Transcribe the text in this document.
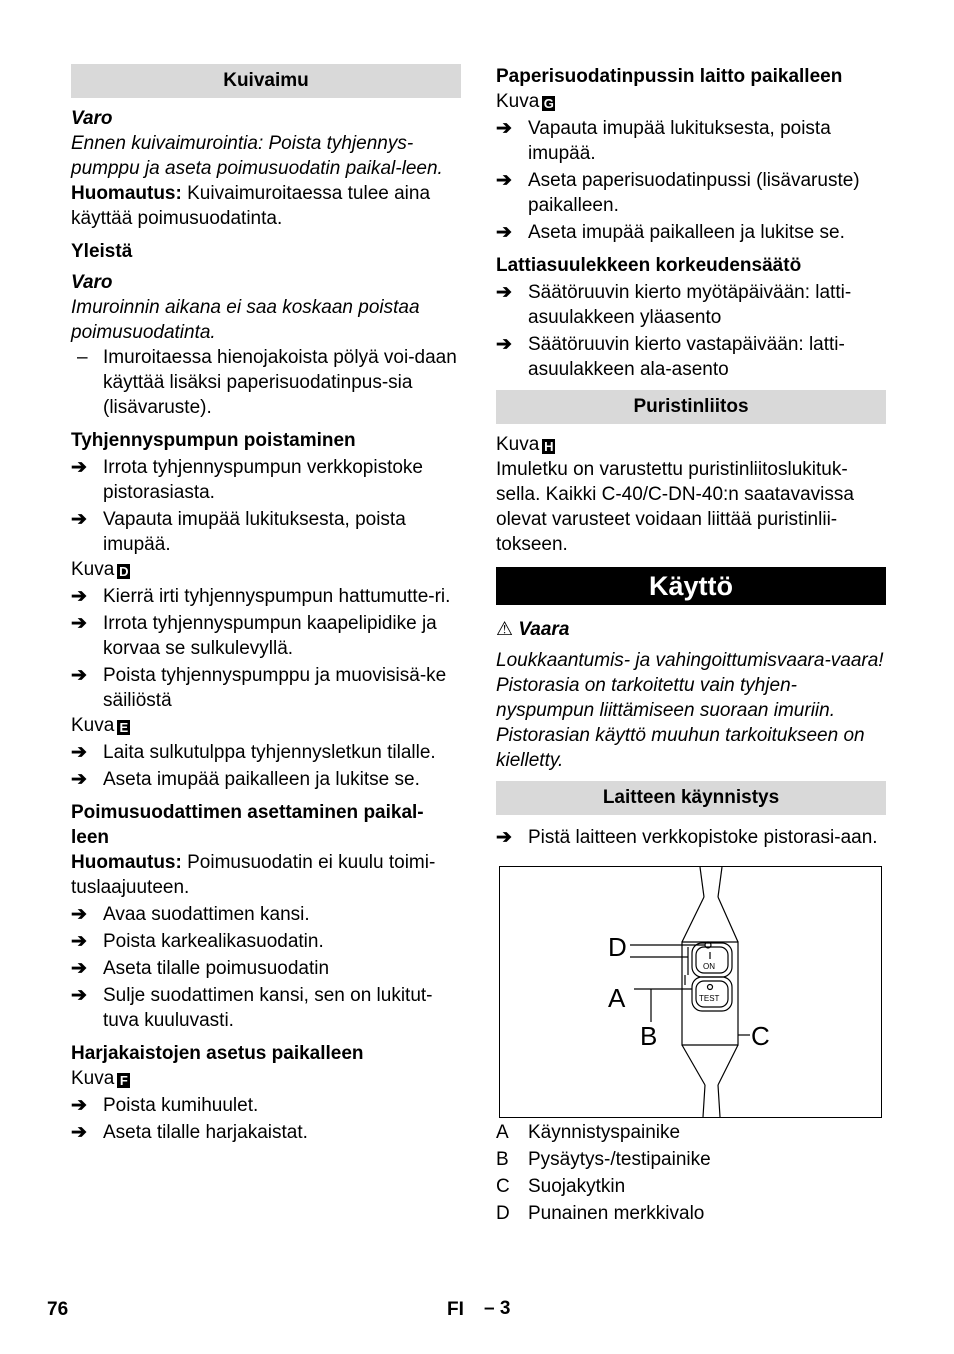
Kuivaimu

Varo

Ennen kuivaimurointia: Poista tyhjennys-pumppu ja aseta poimusuodatin paikal-leen.

Huomautus: Kuivaimuroitaessa tulee aina käyttää poimusuodatinta.

Yleistä

Varo

Imuroinnin aikana ei saa koskaan poistaa poimusuodatinta.

– Imuroitaessa hienojakoista pölyä voi-daan käyttää lisäksi paperisuodatinpus-sia (lisävaruste).

Tyhjennyspumpun poistaminen

➔ Irrota tyhjennyspumpun verkkopistoke pistorasiasta.
➔ Vapauta imupää lukituksesta, poista imupää.

Kuva D

➔ Kierrä irti tyhjennyspumpun hattumutte-ri.
➔ Irrota tyhjennyspumpun kaapelipidike ja korvaa se sulkulevyllä.
➔ Poista tyhjennyspumppu ja muovisisä-ke säiliöstä

Kuva E

➔ Laita sulkutulppa tyhjennysletkun tilalle.
➔ Aseta imupää paikalleen ja lukitse se.

Poimusuodattimen asettaminen paikal-leen

Huomautus: Poimusuodatin ei kuulu toimi-tuslaajuuteen.

➔ Avaa suodattimen kansi.
➔ Poista karkealikasuodatin.
➔ Aseta tilalle poimusuodatin
➔ Sulje suodattimen kansi, sen on lukitut-tuva kuuluvasti.

Harjakaistojen asetus paikalleen

Kuva F

➔ Poista kumihuulet.
➔ Aseta tilalle harjakaistat.

Paperisuodatinpussin laitto paikalleen

Kuva G

➔ Vapauta imupää lukituksesta, poista imupää.
➔ Aseta paperisuodatinpussi (lisävaruste) paikalleen.
➔ Aseta imupää paikalleen ja lukitse se.

Lattiasuulekkeen korkeudensäätö

➔ Säätöruuvin kierto myötäpäivään: latti-asuulakkeen yläasento
➔ Säätöruuvin kierto vastapäivään: latti-asuulakkeen ala-asento
Puristinliitos

Kuva H

Imuletku on varustettu puristinliitoslukituk-sella. Kaikki C-40/C-DN-40:n saatavavissa olevat varusteet voidaan liittää puristinlii-tokseen.

Käyttö

⚠ Vaara

Loukkaantumis- ja vahingoittumisvaara-vaara! Pistorasia on tarkoitettu vain tyhjen-nyspumpun liittämiseen suoraan imuriin. Pistorasian käyttö muuhun tarkoitukseen on kielletty.

Laitteen käynnistys
➔ Pistä laitteen verkkopistoke pistorasi-aan.
D
A
B	C
ON
TEST
A Käynnistyspainike
B Pysäytys-/testipainike
C Suojakytkin
D Punainen merkkivalo
76	FI – 3
